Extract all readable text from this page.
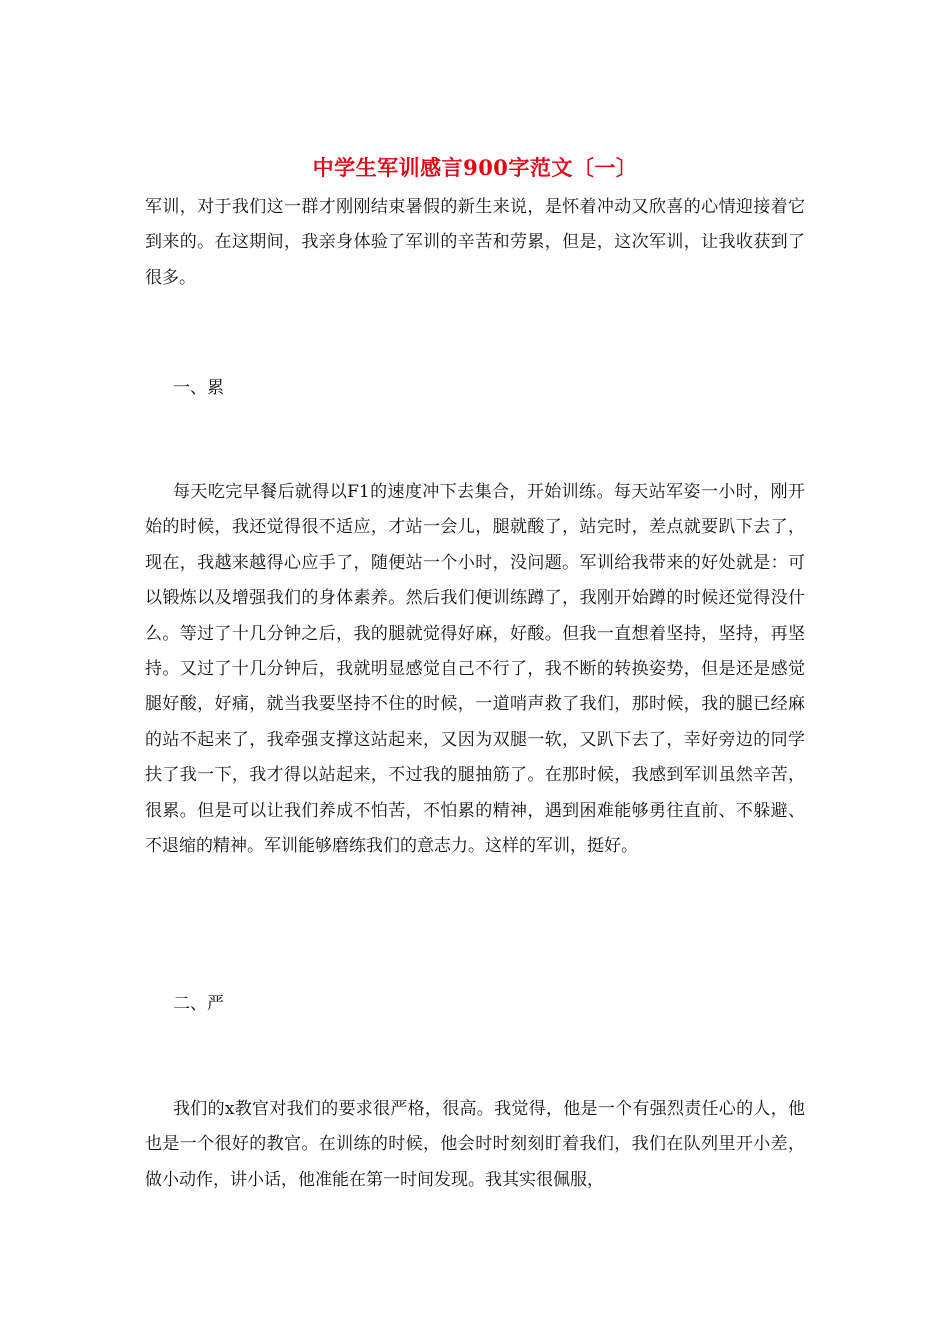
中学生军训感言900字范文〔一〕

军训，对于我们这一群才刚刚结束暑假的新生来说，是怀着冲动又欣喜的心情迎接着它到来的。在这期间，我亲身体验了军训的辛苦和劳累，但是，这次军训，让我收获到了很多。

一、累

每天吃完早餐后就得以F1的速度冲下去集合，开始训练。每天站军姿一小时，刚开始的时候，我还觉得很不适应，才站一会儿，腿就酸了，站完时，差点就要趴下去了，现在，我越来越得心应手了，随便站一个小时，没问题。军训给我带来的好处就是：可以锻炼以及增强我们的身体素养。然后我们便训练蹲了，我刚开始蹲的时候还觉得没什么。等过了十几分钟之后，我的腿就觉得好麻，好酸。但我一直想着坚持，坚持，再坚持。又过了十几分钟后，我就明显感觉自己不行了，我不断的转换姿势，但是还是感觉腿好酸，好痛，就当我要坚持不住的时候，一道哨声救了我们，那时候，我的腿已经麻的站不起来了，我牵强支撑这站起来，又因为双腿一软，又趴下去了，幸好旁边的同学扶了我一下，我才得以站起来，不过我的腿抽筋了。在那时候，我感到军训虽然辛苦，很累。但是可以让我们养成不怕苦，不怕累的精神，遇到困难能够勇往直前、不躲避、不退缩的精神。军训能够磨练我们的意志力。这样的军训，挺好。

二、严

我们的x教官对我们的要求很严格，很高。我觉得，他是一个有强烈责任心的人，他也是一个很好的教官。在训练的时候，他会时时刻刻盯着我们，我们在队列里开小差，做小动作，讲小话，他准能在第一时间发现。我其实很佩服，
